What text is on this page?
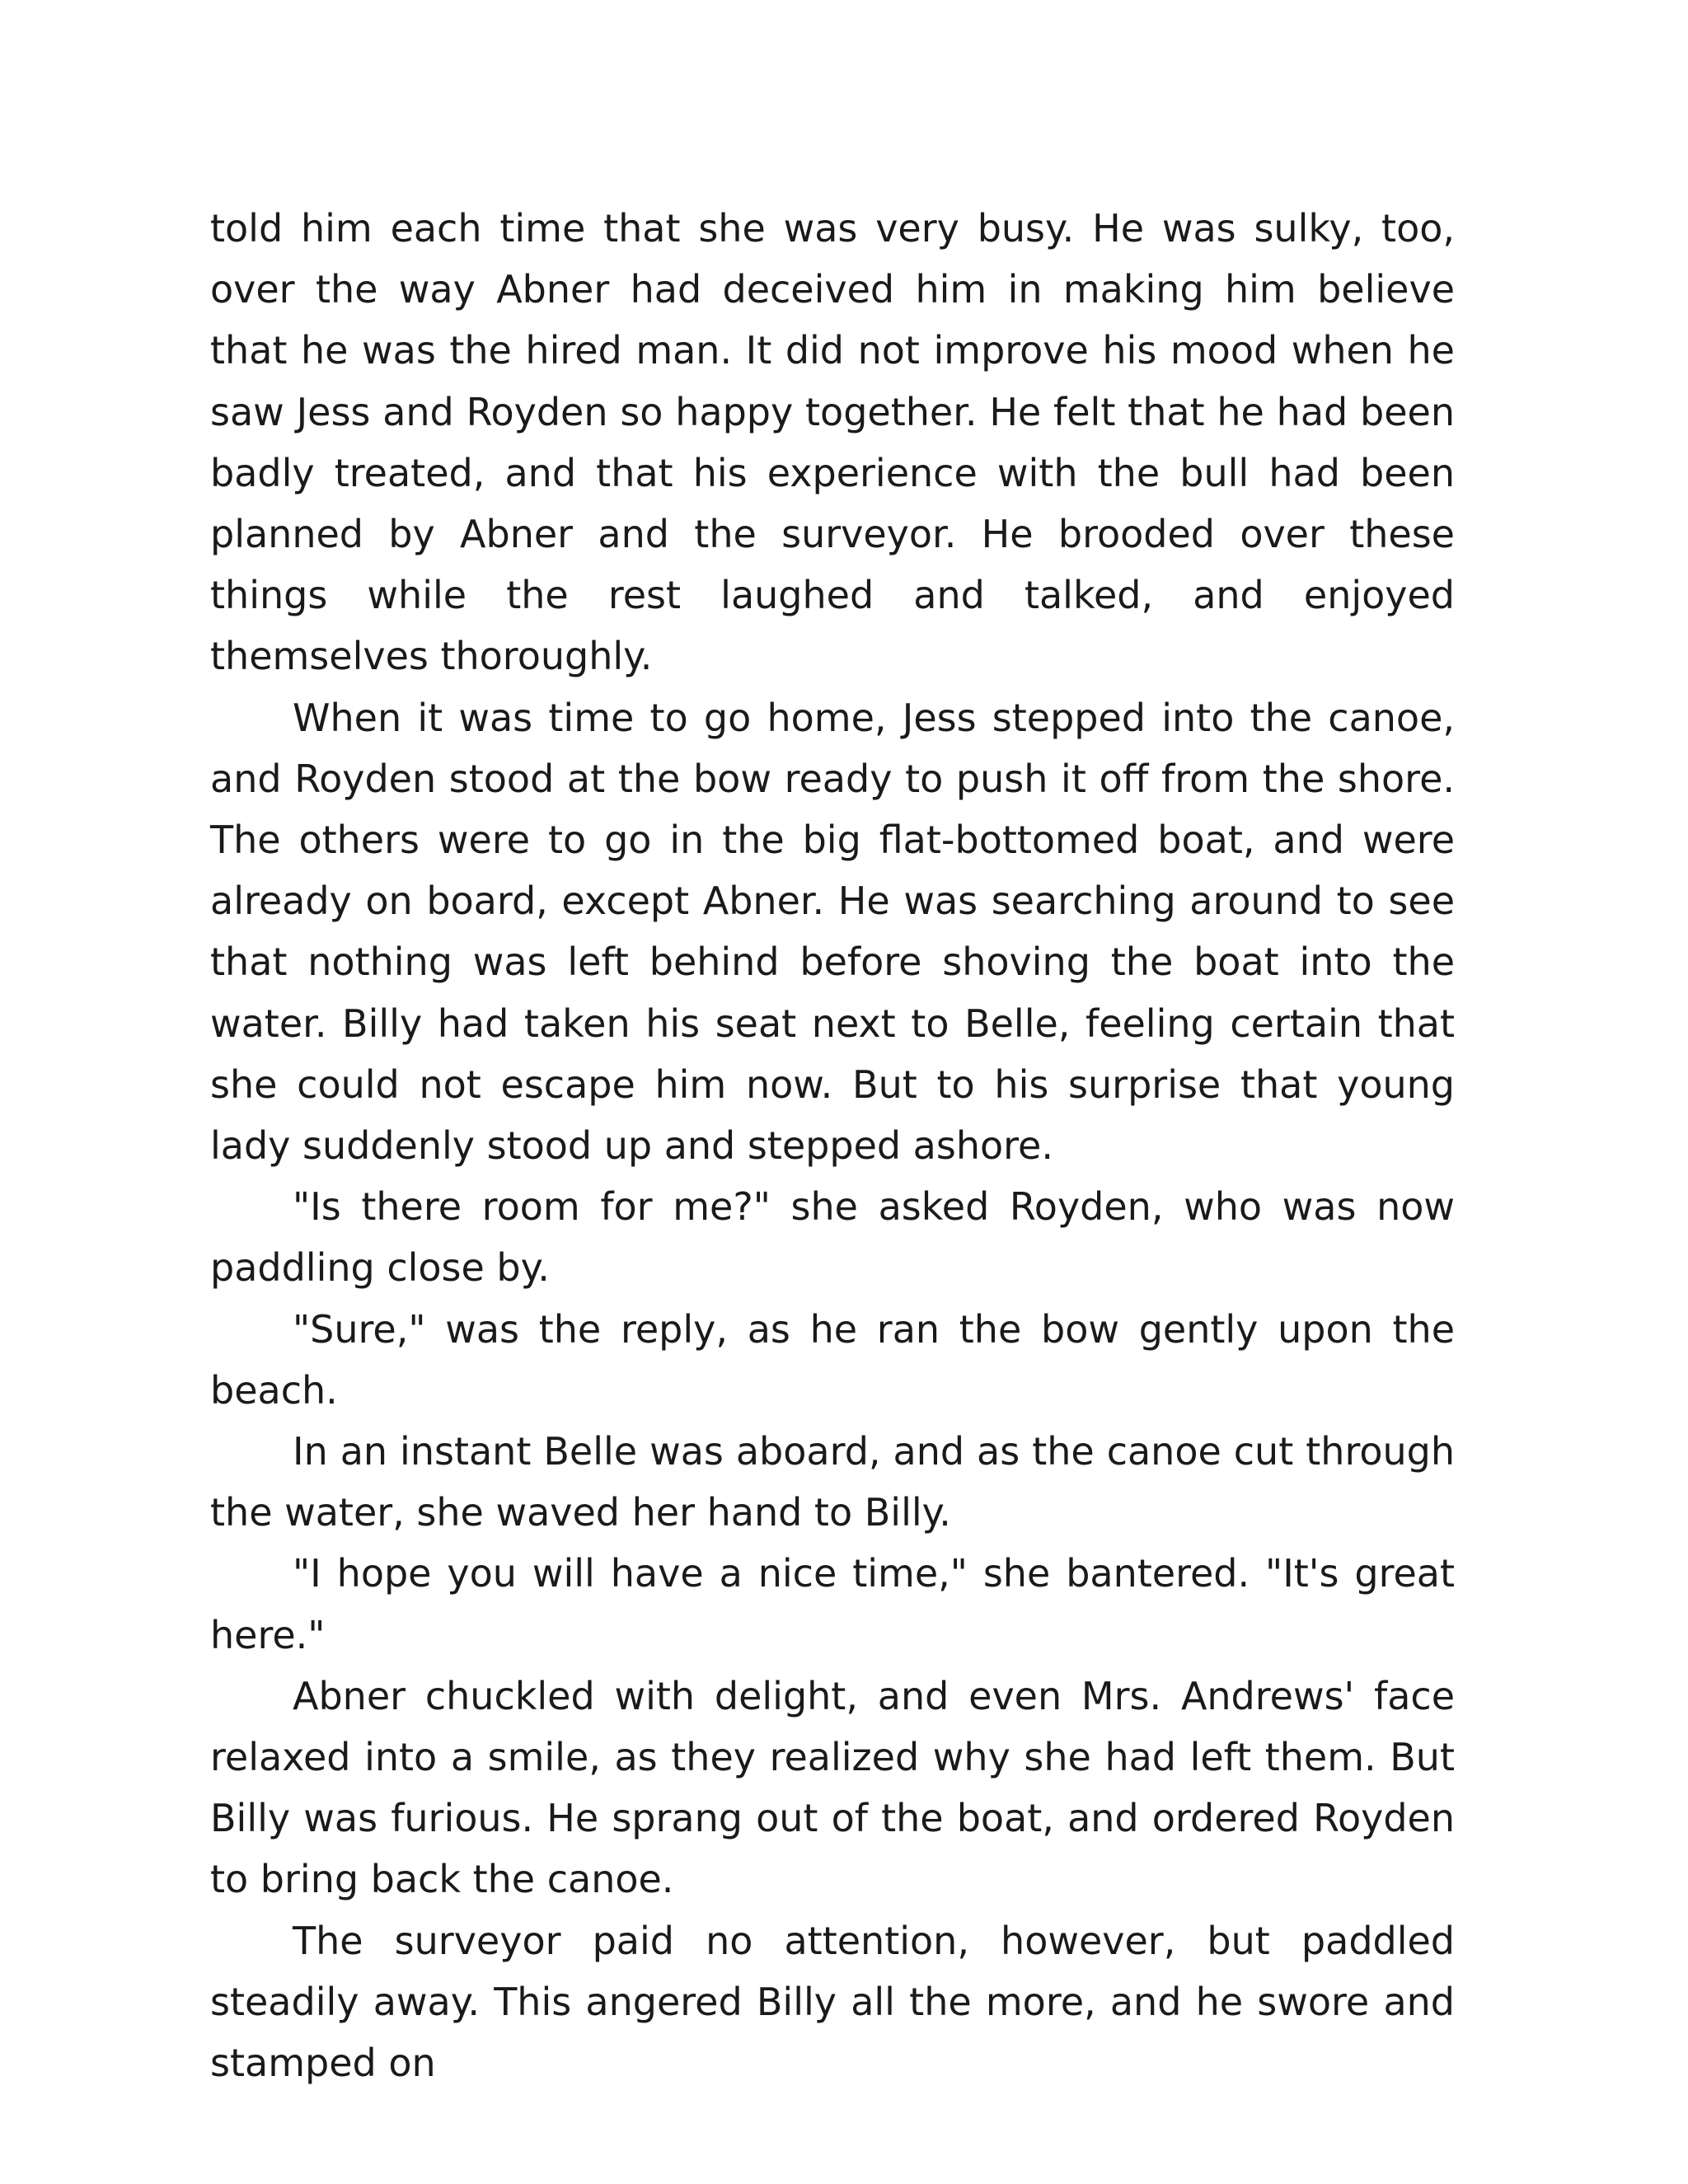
told him each time that she was very busy. He was sulky, too, over the way Abner had deceived him in making him believe that he was the hired man. It did not improve his mood when he saw Jess and Royden so happy together. He felt that he had been badly treated, and that his experience with the bull had been planned by Abner and the surveyor. He brooded over these things while the rest laughed and talked, and enjoyed themselves thoroughly.

When it was time to go home, Jess stepped into the canoe, and Royden stood at the bow ready to push it off from the shore. The others were to go in the big flat-bottomed boat, and were already on board, except Abner. He was searching around to see that nothing was left behind before shoving the boat into the water. Billy had taken his seat next to Belle, feeling certain that she could not escape him now. But to his surprise that young lady suddenly stood up and stepped ashore.

"Is there room for me?" she asked Royden, who was now paddling close by.

"Sure," was the reply, as he ran the bow gently upon the beach.

In an instant Belle was aboard, and as the canoe cut through the water, she waved her hand to Billy.

"I hope you will have a nice time," she bantered. "It's great here."

Abner chuckled with delight, and even Mrs. Andrews' face relaxed into a smile, as they realized why she had left them. But Billy was furious. He sprang out of the boat, and ordered Royden to bring back the canoe.

The surveyor paid no attention, however, but paddled steadily away. This angered Billy all the more, and he swore and stamped on
